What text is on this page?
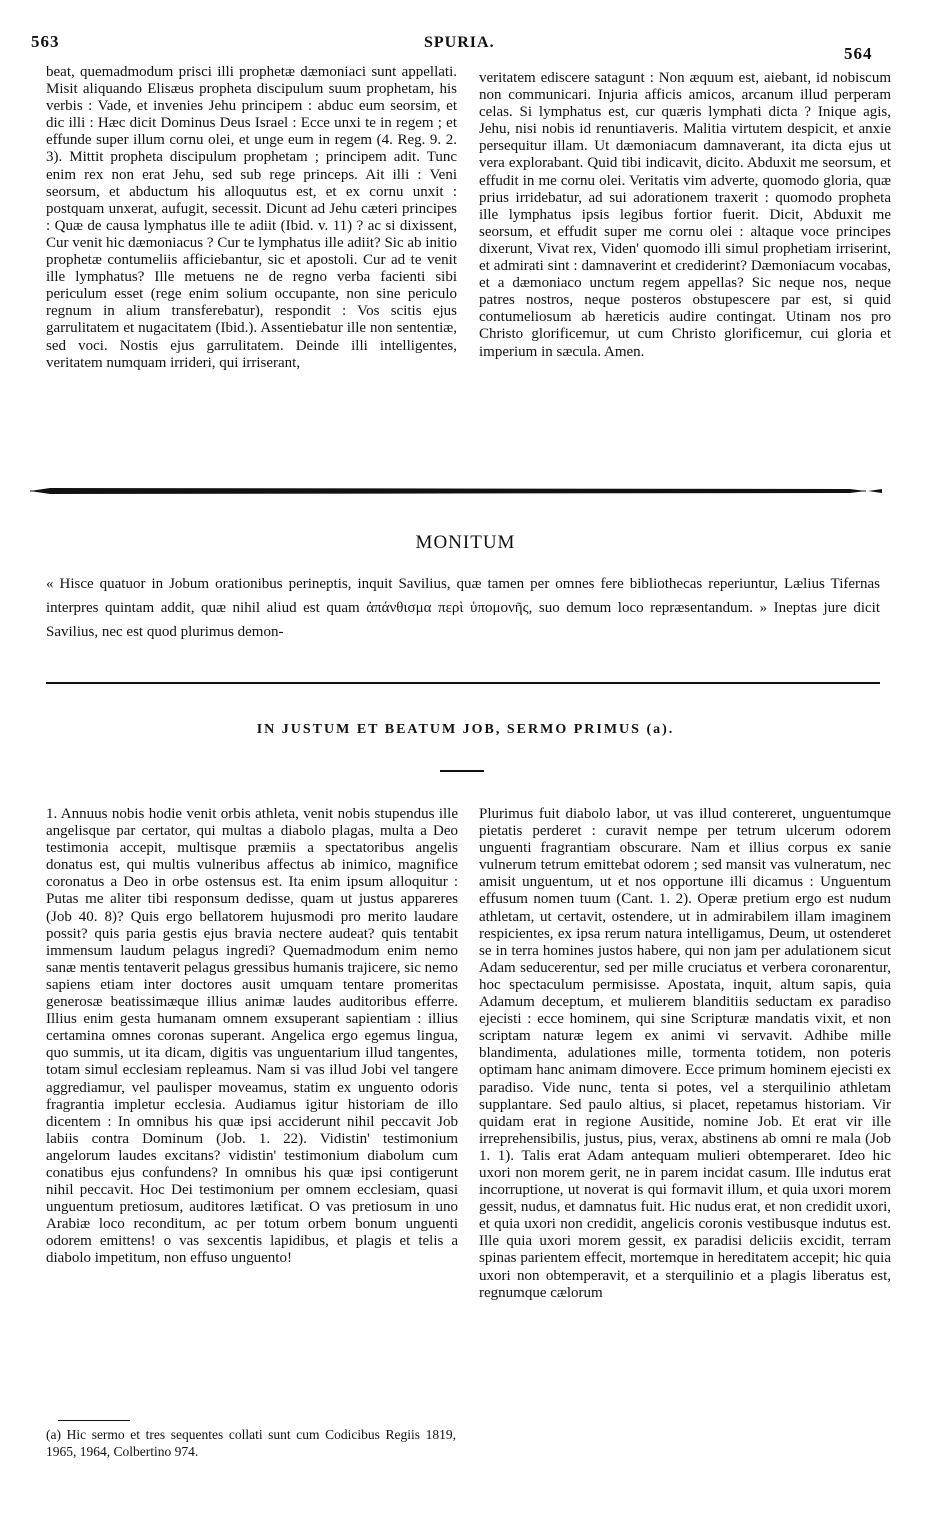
563	SPURIA.
564
beat, quemadmodum prisci illi prophetæ dæmoniaci sunt appellati. Misit aliquando Elisæus propheta discipulum suum prophetam, his verbis : Vade, et invenies Jehu principem : abduc eum seorsim, et dic illi : Hæc dicit Dominus Deus Israel : Ecce unxi te in regem ; et effunde super illum cornu olei, et unge eum in regem (4. Reg. 9. 2. 3). Mittit propheta discipulum prophetam ; principem adit. Tunc enim rex non erat Jehu, sed sub rege princeps. Ait illi : Veni seorsum, et abductum his alloquutus est, et ex cornu unxit : postquam unxerat, aufugit, secessit. Dicunt ad Jehu cæteri principes : Quæ de causa lymphatus ille te adiit (Ibid. v. 11) ? ac si dixissent, Cur venit hic dæmoniacus ? Cur te lymphatus ille adiit? Sic ab initio prophetæ contumeliis afficiebantur, sic et apostoli. Cur ad te venit ille lymphatus? Ille metuens ne de regno verba facienti sibi periculum esset (rege enim solium occupante, non sine periculo regnum in alium transferebatur), respondit : Vos scitis ejus garrulitatem et nugacitatem (Ibid.). Assentiebatur ille non sententiæ, sed voci. Nostis ejus garrulitatem. Deinde illi intelligentes, veritatem numquam irrideri, qui irriserant,
veritatem ediscere satagunt : Non æquum est, aiebant, id nobiscum non communicari. Injuria afficis amicos, arcanum illud perperam celas. Si lymphatus est, cur quæris lymphati dicta ? Inique agis, Jehu, nisi nobis id renuntiaveris. Malitia virtutem despicit, et anxie persequitur illam. Ut dæmoniacum damnaverant, ita dicta ejus ut vera explorabant. Quid tibi indicavit, dicito. Abduxit me seorsum, et effudit in me cornu olei. Veritatis vim adverte, quomodo gloria, quæ prius irridebatur, ad sui adorationem traxerit : quomodo propheta ille lymphatus ipsis legibus fortior fuerit. Dicit, Abduxit me seorsum, et effudit super me cornu olei : altaque voce principes dixerunt, Vivat rex, Viden' quomodo illi simul prophetiam irriserint, et admirati sint : damnaverint et crediderint? Dæmoniacum vocabas, et a dæmoniaco unctum regem appellas? Sic neque nos, neque patres nostros, neque posteros obstupescere par est, si quid contumeliosum ab hæreticis audire contingat. Utinam nos pro Christo glorificemur, ut cum Christo glorificemur, cui gloria et imperium in sæcula. Amen.
MONITUM
« Hisce quatuor in Jobum orationibus perineptis, inquit Savilius, quæ tamen per omnes fere bibliothecas reperiuntur, Lælius Tifernas interpres quintam addit, quæ nihil aliud est quam ἀπάνθισμα περὶ ὑπομονῆς, suo demum loco repræsentandum. » Ineptas jure dicit Savilius, nec est quod plurimus demon-
IN JUSTUM ET BEATUM JOB, SERMO PRIMUS (a).
1. Annuus nobis hodie venit orbis athleta, venit nobis stupendus ille angelisque par certator, qui multas a diabolo plagas, multa a Deo testimonia accepit, multisque præmiis a spectatoribus angelis donatus est, qui multis vulneribus affectus ab inimico, magnifice coronatus a Deo in orbe ostensus est. Ita enim ipsum alloquitur : Putas me aliter tibi responsum dedisse, quam ut justus appareres (Job 40. 8)? Quis ergo bellatorem hujusmodi pro merito laudare possit? quis paria gestis ejus bravia nectere audeat? quis tentabit immensum laudum pelagus ingredi? Quemadmodum enim nemo sanæ mentis tentaverit pelagus gressibus humanis trajicere, sic nemo sapiens etiam inter doctores ausit umquam tentare promeritas generosæ beatissimæque illius animæ laudes auditoribus efferre. Illius enim gesta humanam omnem exsuperant sapientiam : illius certamina omnes coronas superant. Angelica ergo egemus lingua, quo summis, ut ita dicam, digitis vas unguentarium illud tangentes, totam simul ecclesiam repleamus. Nam si vas illud Jobi vel tangere aggrediamur, vel paulisper moveamus, statim ex unguento odoris fragrantia impletur ecclesia. Audiamus igitur historiam de illo dicentem : In omnibus his quæ ipsi acciderunt nihil peccavit Job labiis contra Dominum (Job. 1. 22). Vidistin' testimonium angelorum laudes excitans? vidistin' testimonium diabolum cum conatibus ejus confundens? In omnibus his quæ ipsi contigerunt nihil peccavit. Hoc Dei testimonium per omnem ecclesiam, quasi unguentum pretiosum, auditores lætificat. O vas pretiosum in uno Arabiæ loco reconditum, ac per totum orbem bonum unguenti odorem emittens! o vas sexcentis lapidibus, et plagis et telis a diabolo impetitum, non effuso unguento!
Plurimus fuit diabolo labor, ut vas illud contereret, unguentumque pietatis perderet : curavit nempe per tetrum ulcerum odorem unguenti fragrantiam obscurare. Nam et illius corpus ex sanie vulnerum tetrum emittebat odorem ; sed mansit vas vulneratum, nec amisit unguentum, ut et nos opportune illi dicamus : Unguentum effusum nomen tuum (Cant. 1. 2). Operæ pretium ergo est nudum athletam, ut certavit, ostendere, ut in admirabilem illam imaginem respicientes, ex ipsa rerum natura intelligamus, Deum, ut ostenderet se in terra homines justos habere, qui non jam per adulationem sicut Adam seducerentur, sed per mille cruciatus et verbera coronarentur, hoc spectaculum permisisse. Apostata, inquit, altum sapis, quia Adamum deceptum, et mulierem blanditiis seductam ex paradiso ejecisti : ecce hominem, qui sine Scripturæ mandatis vixit, et non scriptam naturæ legem ex animi vi servavit. Adhibe mille blandimenta, adulationes mille, tormenta totidem, non poteris optimam hanc animam dimovere. Ecce primum hominem ejecisti ex paradiso. Vide nunc, tenta si potes, vel a sterquilinio athletam supplantare. Sed paulo altius, si placet, repetamus historiam. Vir quidam erat in regione Ausitide, nomine Job. Et erat vir ille irreprehensibilis, justus, pius, verax, abstinens ab omni re mala (Job 1. 1). Talis erat Adam antequam mulieri obtemperaret. Ideo hic uxori non morem gerit, ne in parem incidat casum. Ille indutus erat incorruptione, ut noverat is qui formavit illum, et quia uxori morem gessit, nudus, et damnatus fuit. Hic nudus erat, et non credidit uxori, et quia uxori non credidit, angelicis coronis vestibusque indutus est. Ille quia uxori morem gessit, ex paradisi deliciis excidit, terram spinas parientem effecit, mortemque in hereditatem accepit; hic quia uxori non obtemperavit, et a sterquilinio et a plagis liberatus est, regnumque cælorum
(a) Hic sermo et tres sequentes collati sunt cum Codicibus Regiis 1819, 1965, 1964, Colbertino 974.
